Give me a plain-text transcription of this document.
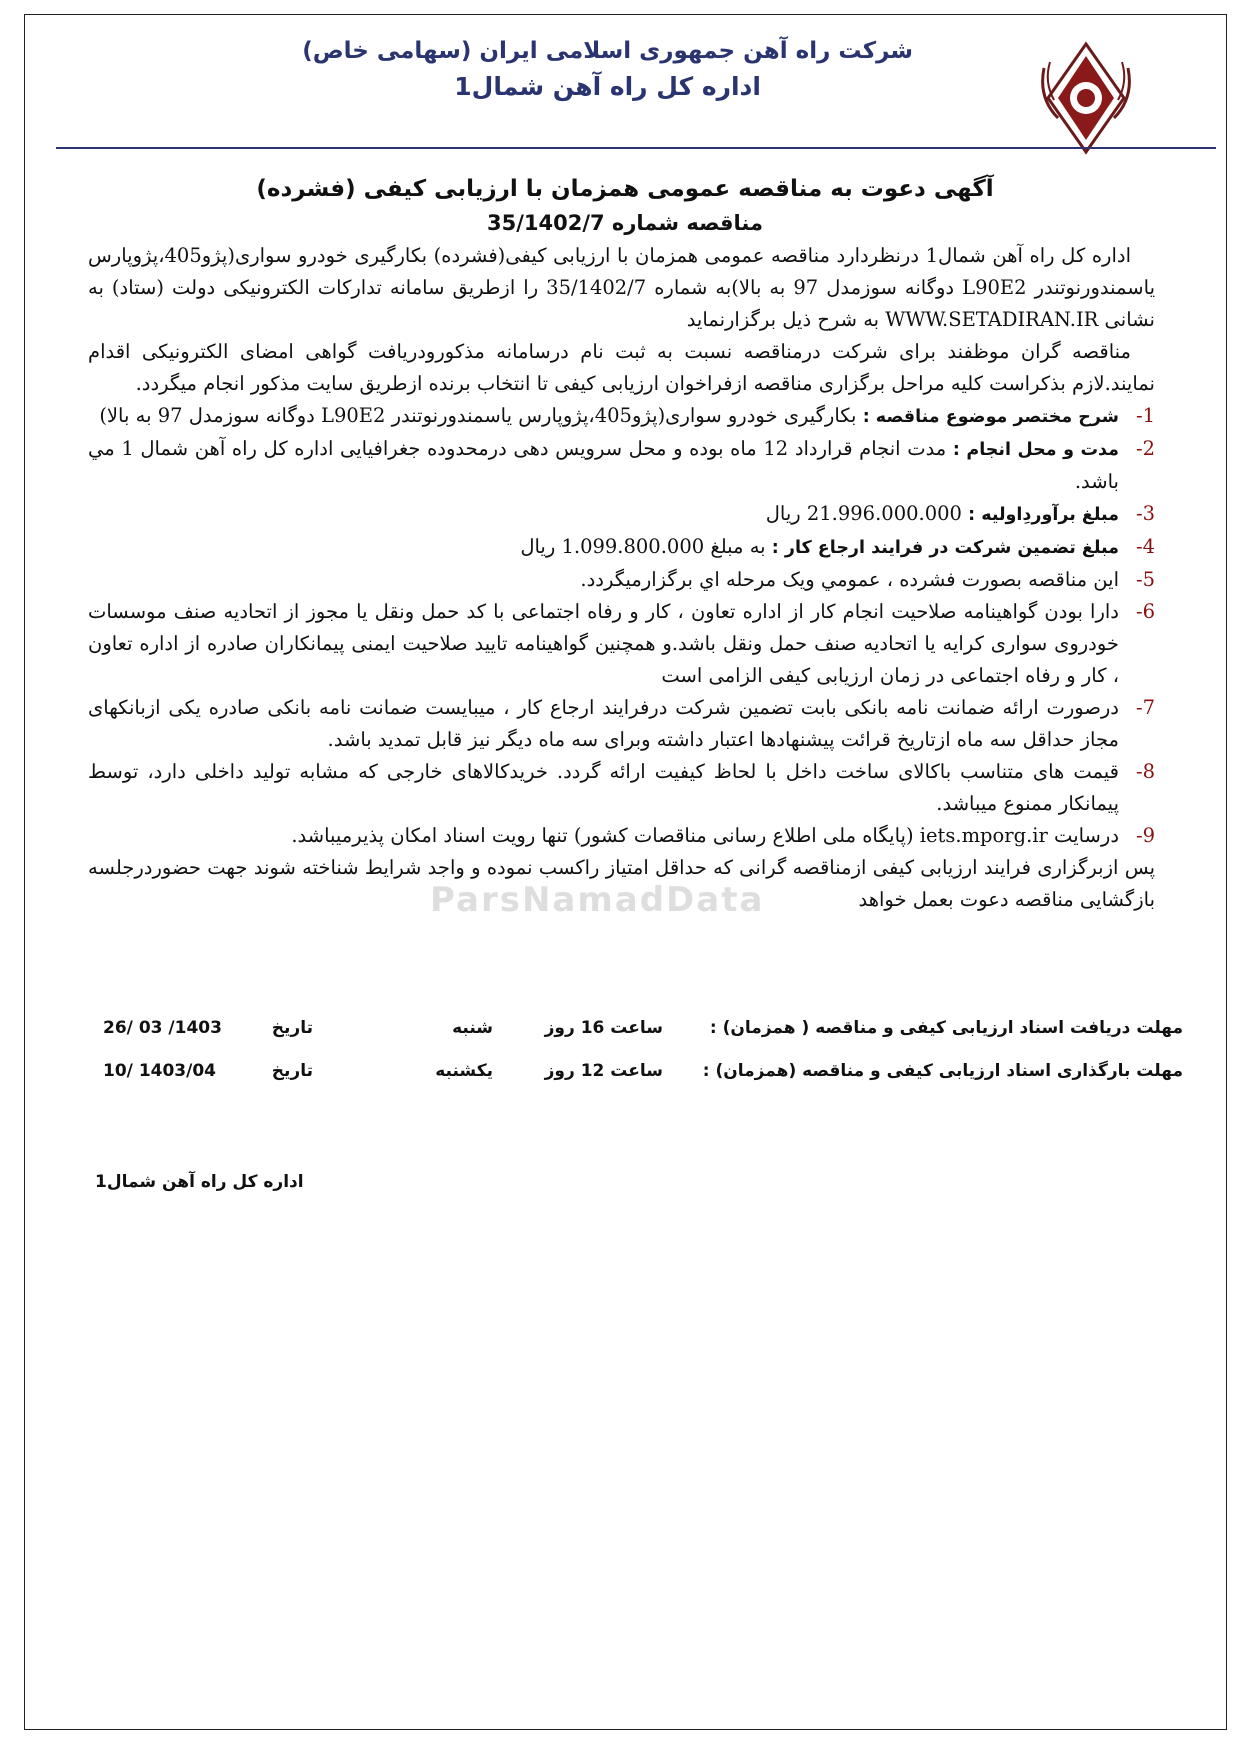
شرکت راه آهن جمهوری اسلامی ایران (سهامی خاص)
اداره کل راه آهن شمال1
آگهی دعوت به مناقصه عمومی همزمان با ارزیابی کیفی (فشرده)
مناقصه شماره 35/1402/7
ParsNamadData

اداره کل راه آهن شمال1 درنظردارد مناقصه عمومی همزمان با ارزیابی کیفی(فشرده) بکارگیری خودرو سواری(پژو405،پژوپارس یاسمندورنوتندر L90E2 دوگانه سوزمدل 97 به بالا)به شماره 35/1402/7 را ازطریق سامانه تدارکات الکترونیکی دولت (ستاد) به نشانی WWW.SETADIRAN.IR به شرح ذیل برگزارنماید

مناقصه گران موظفند برای شرکت درمناقصه نسبت به ثبت نام درسامانه مذکورودریافت گواهی امضای الکترونیکی اقدام نمایند.لازم بذکراست کلیه مراحل برگزاری مناقصه ازفراخوان ارزیابی کیفی تا انتخاب برنده ازطریق سایت مذکور انجام میگردد.

1-
شرح مختصر موضوع مناقصه : بکارگیری خودرو سواری(پژو405،پژوپارس یاسمندورنوتندر L90E2 دوگانه سوزمدل 97 به بالا)
2-
مدت و محل انجام : مدت انجام قرارداد 12 ماه بوده و محل سرویس دهی درمحدوده جغرافیایی اداره کل راه آهن شمال 1 مي باشد.
3-
مبلغ برآوردِاولیه : 21.996.000.000 ریال
4-
مبلغ تضمین شرکت در فرایند ارجاع کار : به مبلغ 1.099.800.000 ریال
5-
این مناقصه بصورت فشرده ، عمومي ويک مرحله اي برگزارميگردد.
6-
دارا بودن گواهینامه صلاحیت انجام کار از اداره تعاون ، کار و رفاه اجتماعی با کد حمل ونقل یا مجوز از اتحادیه صنف موسسات خودروی سواری کرایه یا اتحادیه صنف حمل ونقل باشد.و همچنین گواهینامه تایید صلاحیت ایمنی پیمانکاران صادره از اداره تعاون ، کار و رفاه اجتماعی در زمان ارزیابی کیفی الزامی است
7-
درصورت ارائه ضمانت نامه بانکی بابت تضمین شرکت درفرایند ارجاع کار ، میبایست ضمانت نامه بانکی صادره یکی ازبانکهای مجاز حداقل سه ماه ازتاریخ قرائت پیشنهادها اعتبار داشته وبرای سه ماه دیگر نیز قابل تمدید باشد.
8-
قیمت های متناسب باکالای ساخت داخل با لحاظ کیفیت ارائه گردد. خریدکالاهای خارجی که مشابه تولید داخلی دارد، توسط پیمانکار ممنوع میباشد.
9-
درسایت iets.mporg.ir (پایگاه ملی اطلاع رسانی مناقصات کشور) تنها رویت اسناد امکان پذیرمیباشد.

پس ازبرگزاری فرایند ارزیابی کیفی ازمناقصه گرانی که حداقل امتیاز راکسب نموده و واجد شرایط شناخته شوند جهت حضوردرجلسه بازگشایی مناقصه دعوت بعمل خواهد

مهلت دریافت اسناد ارزیابی کیفی و مناقصه ( همزمان) :
ساعت 16 روز
شنبه
تاریخ
1403/ 03 /26
مهلت بارگذاری اسناد ارزیابی کیفی و مناقصه (همزمان) :
ساعت 12 روز
یکشنبه
تاریخ
1403/04 /10
اداره کل راه آهن شمال1
